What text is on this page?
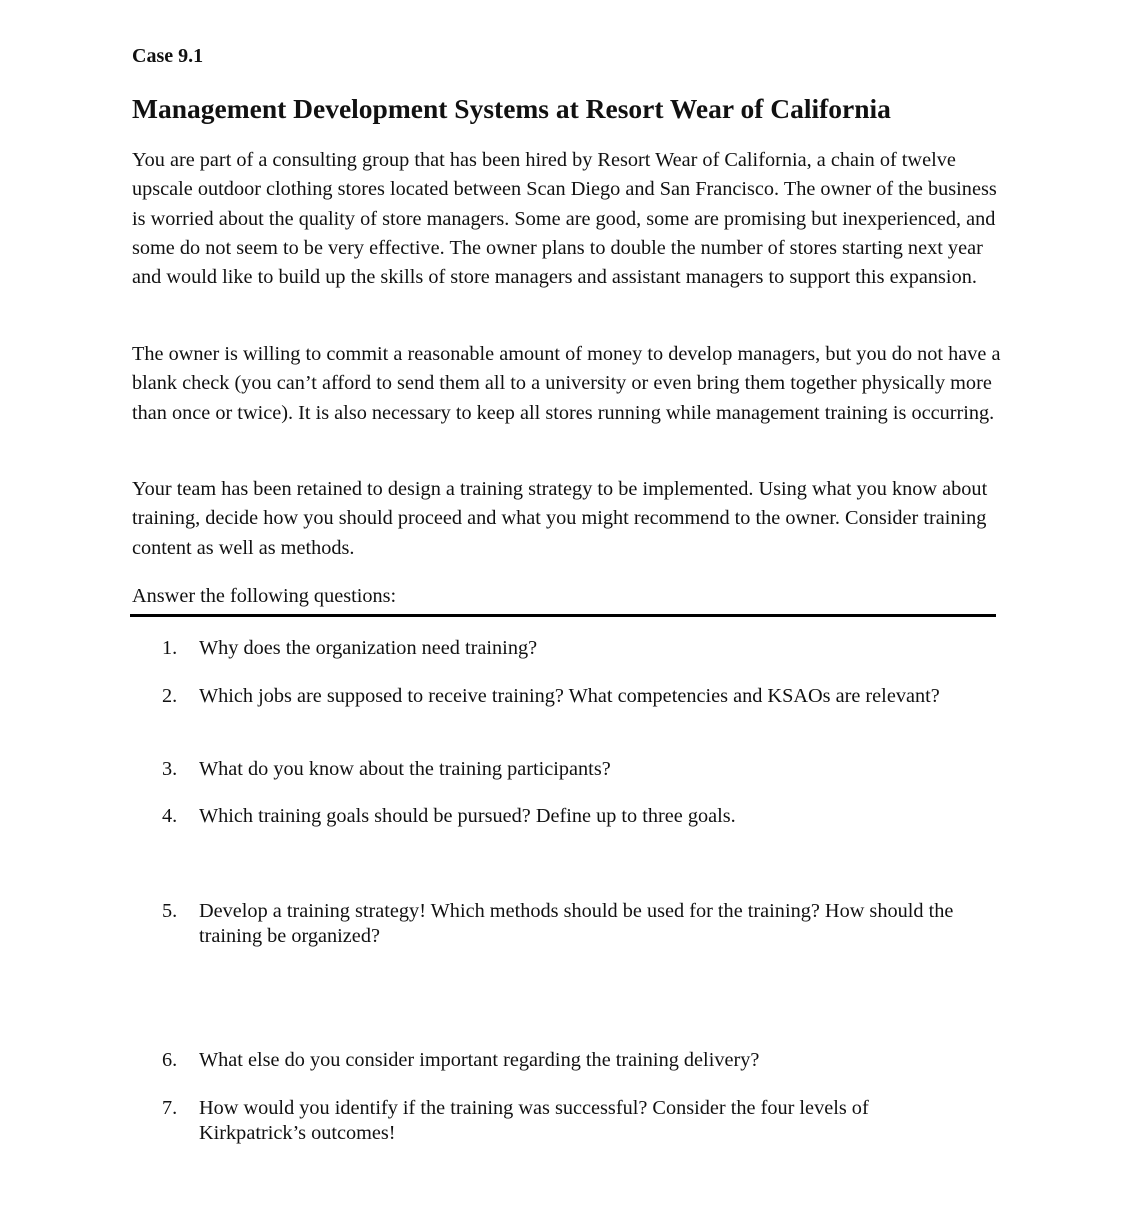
Case 9.1

Management Development Systems at Resort Wear of California

You are part of a consulting group that has been hired by Resort Wear of California, a chain of twelve upscale outdoor clothing stores located between Scan Diego and San Francisco. The owner of the business is worried about the quality of store managers. Some are good, some are promising but inexperienced, and some do not seem to be very effective. The owner plans to double the number of stores starting next year and would like to build up the skills of store managers and assistant managers to support this expansion.

The owner is willing to commit a reasonable amount of money to develop managers, but you do not have a blank check (you can’t afford to send them all to a university or even bring them together physically more than once or twice). It is also necessary to keep all stores running while management training is occurring.

Your team has been retained to design a training strategy to be implemented. Using what you know about training, decide how you should proceed and what you might recommend to the owner. Consider training content as well as methods.

Answer the following questions:

1.	Why does the organization need training?
2.	Which jobs are supposed to receive training? What competencies and KSAOs are relevant?
3.	What do you know about the training participants?
4.	Which training goals should be pursued? Define up to three goals.
5.	Develop a training strategy! Which methods should be used for the training? How should the training be organized?
6.	What else do you consider important regarding the training delivery?
7.	How would you identify if the training was successful? Consider the four levels of Kirkpatrick’s outcomes!
